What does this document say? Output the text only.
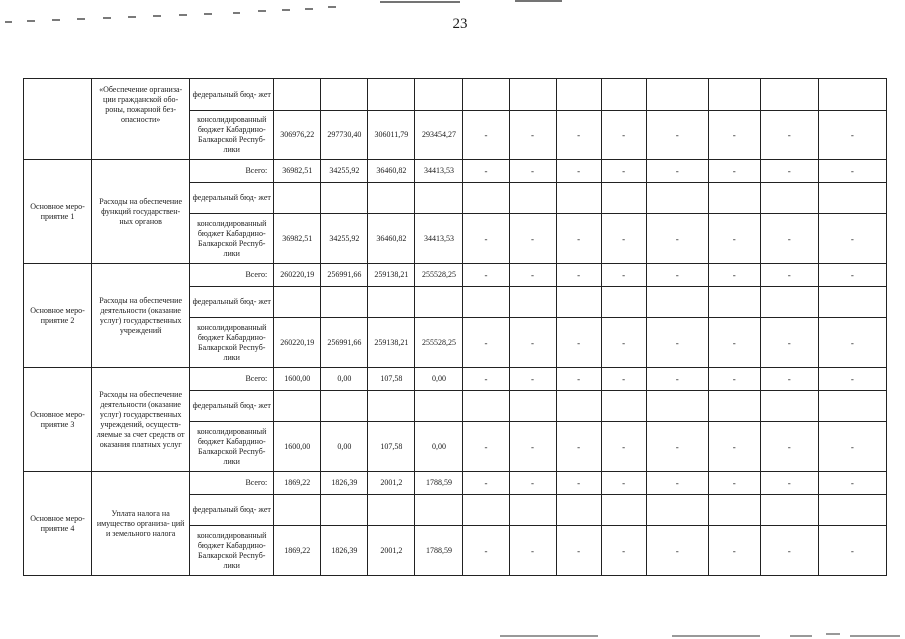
23
	«Обеспечение организа- ции гражданской обо- роны, пожарной без- опасности»	федеральный бюд- жет												
		консолидированный бюджет Кабардино- Балкарской Респуб- лики	306976,22	297730,40	306011,79	293454,27	-	-	-	-	-	-	-	-
Основное меро- приятие 1	Расходы на обеспечение функций государствен- ных органов	Всего:	36982,51	34255,92	36460,82	34413,53	-	-	-	-	-	-	-	-
		федеральный бюд- жет												
		консолидированный бюджет Кабардино- Балкарской Респуб- лики	36982,51	34255,92	36460,82	34413,53	-	-	-	-	-	-	-	-
Основное меро- приятие 2	Расходы на обеспечение деятельности (оказание услуг) государственных учреждений	Всего:	260220,19	256991,66	259138,21	255528,25	-	-	-	-	-	-	-	-
		федеральный бюд- жет												
		консолидированный бюджет Кабардино- Балкарской Респуб- лики	260220,19	256991,66	259138,21	255528,25	-	-	-	-	-	-	-	-
Основное меро- приятие 3	Расходы на обеспечение деятельности (оказание услуг) государственных учреждений, осуществ- ляемые за счет средств от оказания платных услуг	Всего:	1600,00	0,00	107,58	0,00	-	-	-	-	-	-	-	-
		федеральный бюд- жет												
		консолидированный бюджет Кабардино- Балкарской Респуб- лики	1600,00	0,00	107,58	0,00	-	-	-	-	-	-	-	-
Основное меро- приятие 4	Уплата налога на имущество организа- ций и земельного налога	Всего:	1869,22	1826,39	2001,2	1788,59	-	-	-	-	-	-	-	-
		федеральный бюд- жет												
		консолидированный бюджет Кабардино- Балкарской Респуб- лики	1869,22	1826,39	2001,2	1788,59	-	-	-	-	-	-	-	-
